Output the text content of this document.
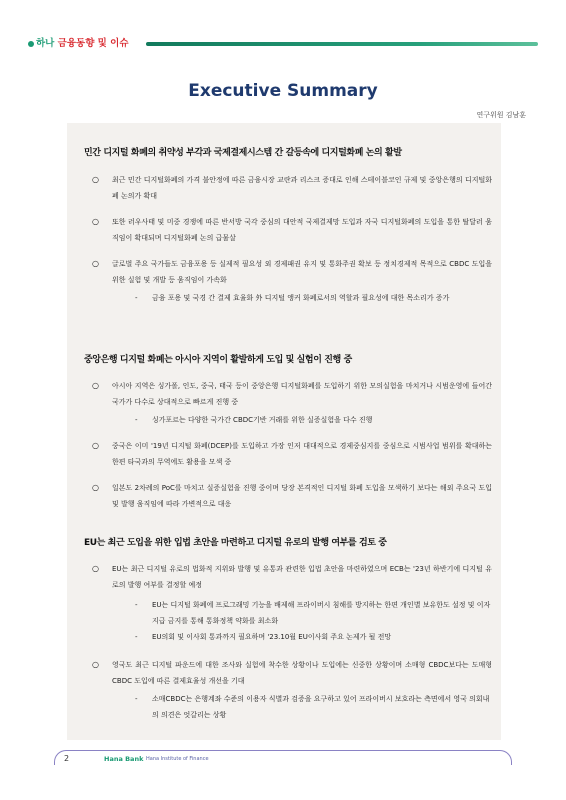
하나 금융동향 및 이슈
Executive Summary
연구위원 김남훈
민간 디지털 화폐의 취약성 부각과 국제결제시스템 간 갈등속에 디지털화폐 논의 활발
○ 최근 민간 디지털화폐의 가격 불안정에 따른 금융시장 교란과 리스크 증대로 인해 스테이블코인 규제 및 중앙은행의 디지털화폐 논의가 확대
○ 또한 러우사태 및 미중 경쟁에 따른 반서방 국각 중심의 대안적 국제결제망 도입과 자국 디지털화폐의 도입을 통한 탈달러 움직임이 확대되며 디지털화폐 논의 급물살
○ 글로벌 주요 국가들도 금융포용 등 실제적 필요성 외 경제패권 유지 및 통화주권 확보 등 정치경제적 목적으로 CBDC 도입을 위한 실험 및 개발 등 움직임이 가속화
- 금융 포용 및 국경 간 결제 효율화 外 디지털 앵커 화폐로서의 역할과 필요성에 대한 목소리가 증가
중앙은행 디지털 화폐는 아시아 지역이 활발하게 도입 및 실험이 진행 중
○ 아시아 지역은 싱가폴, 인도, 중국, 태국 등이 중앙은행 디지털화폐를 도입하기 위한 모의실험을 마치거나 시범운영에 들어간 국가가 다수로 상대적으로 빠르게 진행 중
- 싱가포르는 다양한 국가간 CBDC기반 거래를 위한 실증실험을 다수 진행
○ 중국은 이미 '19년 디지털 화폐(DCEP)를 도입하고 가장 인저 대대적으로 경제중심지를 중심으로 시범사업 범위를 확대하는 한편 타국과의 무역에도 활용을 모색 중
○ 일본도 2차례의 PoC를 마치고 실증실험을 진행 중이며 당장 본격적인 디지털 화폐 도입을 모색하기 보다는 해외 주요국 도입 및 발행 움직임에 따라 가변적으로 대응
EU는 최근 도입을 위한 입법 초안을 마련하고 디지털 유로의 발행 여부를 검토 중
○ EU는 최근 디지털 유로의 법화적 지위와 발행 및 유통과 관련한 입법 초안을 마련하였으며 ECB는 '23년 하반기에 디지털 유로의 발행 여부를 결정할 예정
- EU는 디지털 화폐에 프로그래밍 기능을 배제해 프라이버시 침해를 방지하는 한편 개인별 보유한도 설정 및 이자지급 금지를 통해 통화정책 약화를 최소화
- EU의회 및 이사회 통과까지 필요하며 '23.10월 EU이사회 주요 논제가 될 전망
○ 영국도 최근 디지털 파운드에 대한 조사와 실험에 착수한 상황이나 도입에는 신중한 상황이며 소매형 CBDC보다는 도매형 CBDC 도입에 따른 결제효율성 개선을 기대
- 소매CBDC는 은행계좌 수준의 이용자 식별과 검증을 요구하고 있어 프라이버시 보호라는 측면에서 영국 의회내의 의견은 엇갈리는 상황
2	Hana Bank Hana Institute of Finance
